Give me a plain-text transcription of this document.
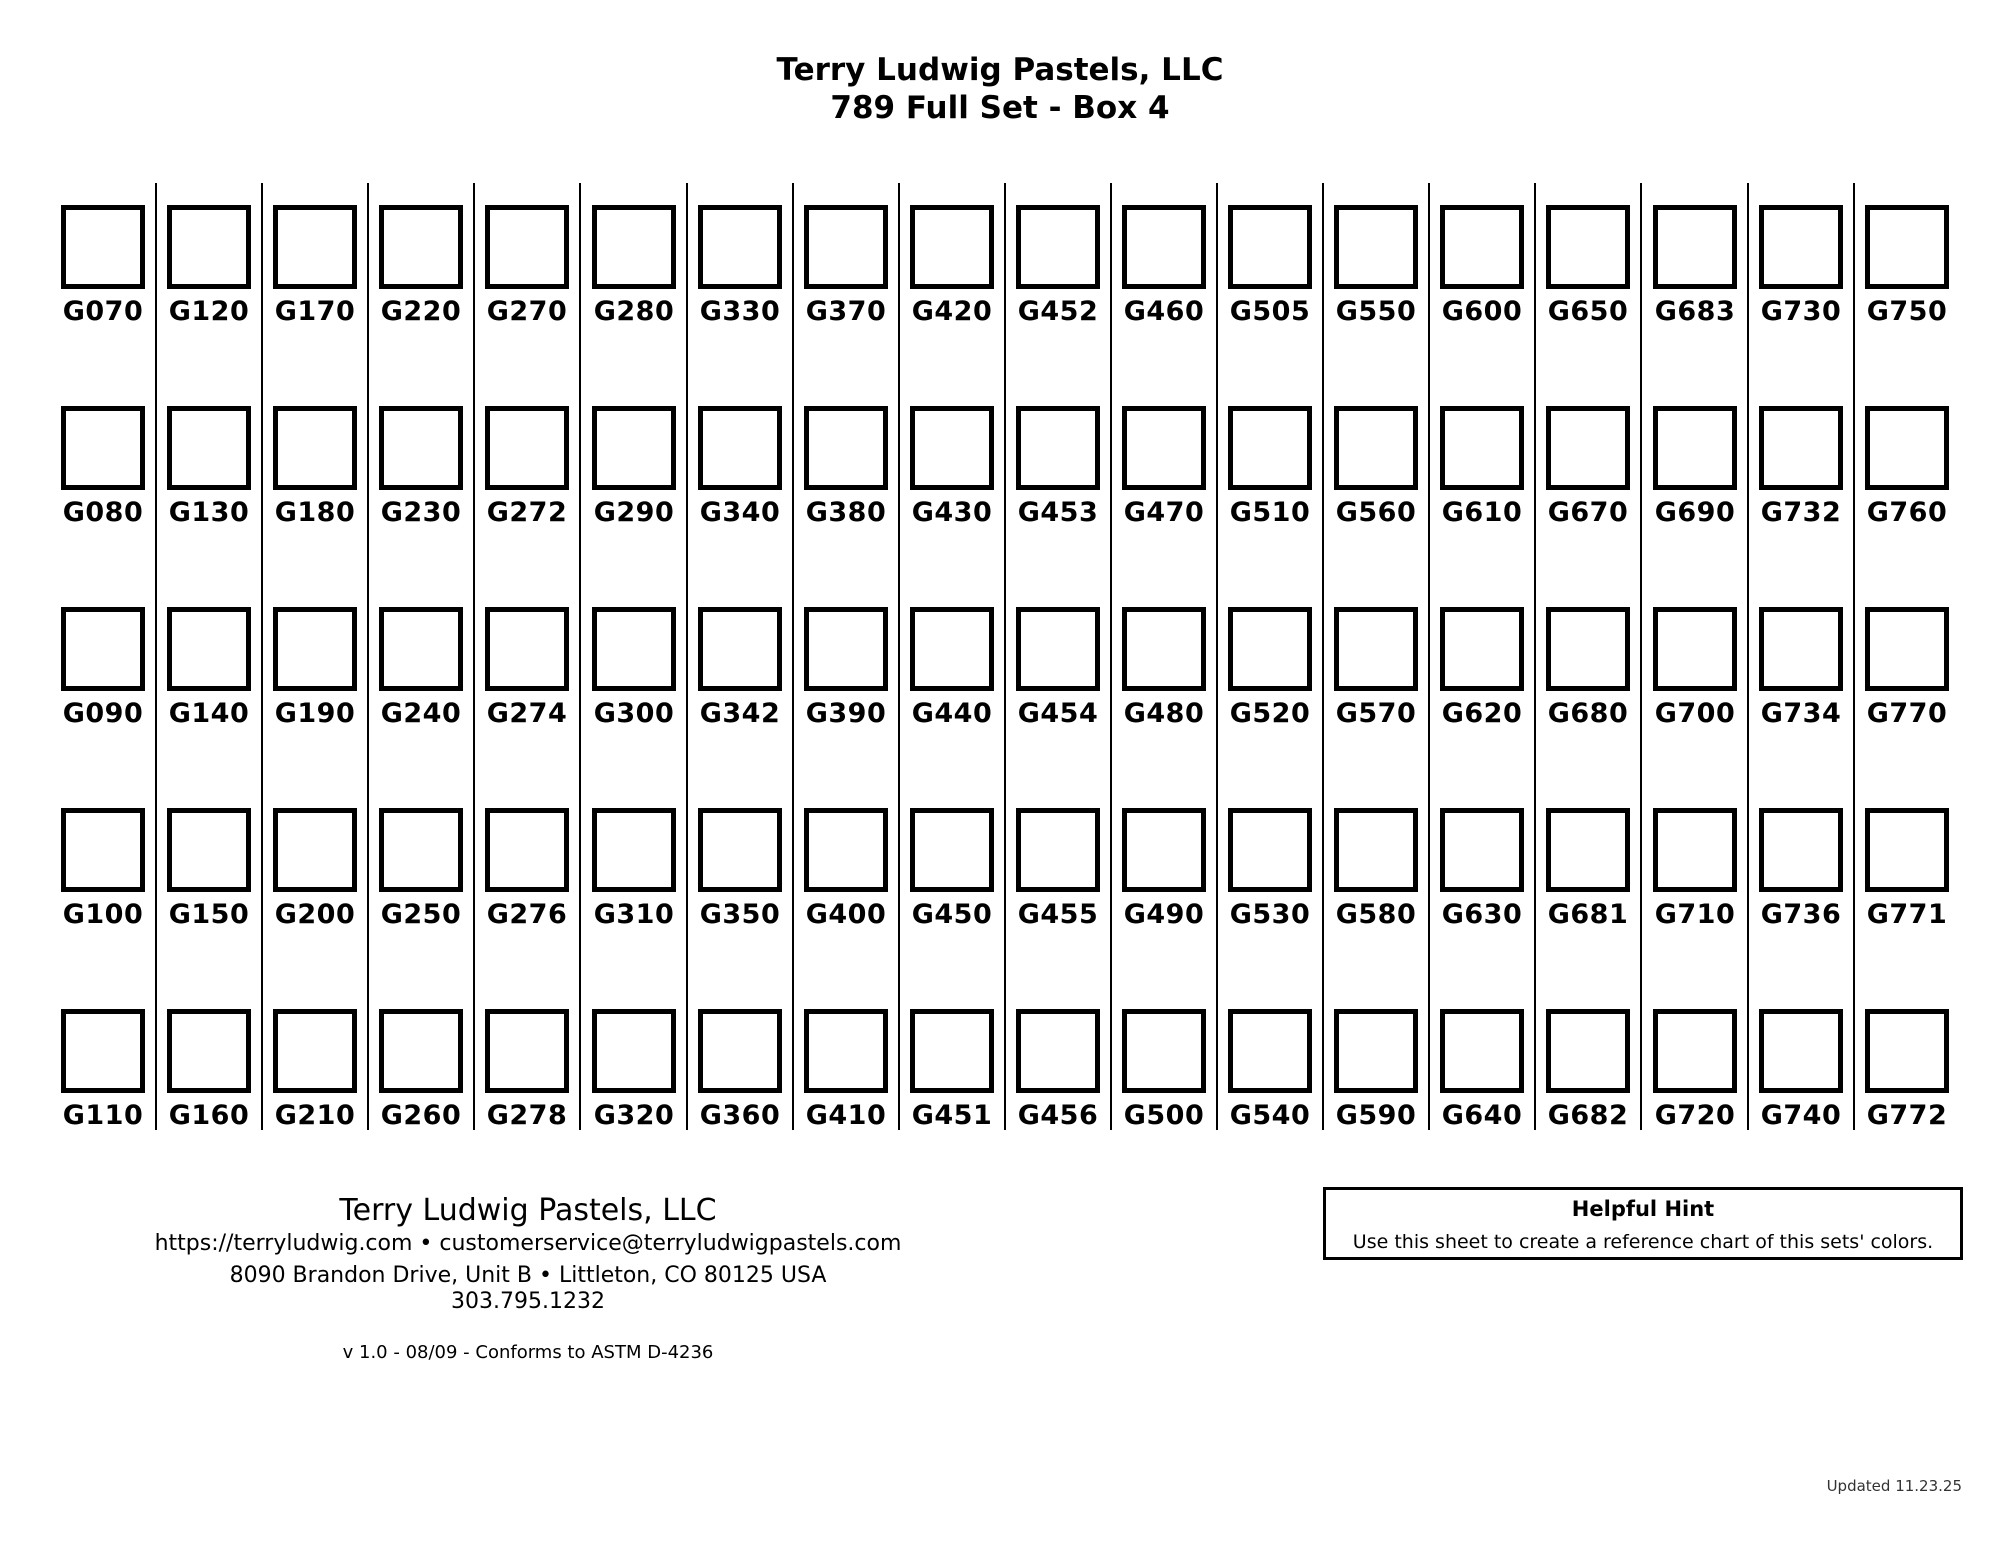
Terry Ludwig Pastels, LLC
789 Full Set - Box 4
G070 G120 G170 G220 G270 G280 G330 G370 G420 G452 G460 G505 G550 G600 G650 G683 G730 G750
G080 G130 G180 G230 G272 G290 G340 G380 G430 G453 G470 G510 G560 G610 G670 G690 G732 G760
G090 G140 G190 G240 G274 G300 G342 G390 G440 G454 G480 G520 G570 G620 G680 G700 G734 G770
G100 G150 G200 G250 G276 G310 G350 G400 G450 G455 G490 G530 G580 G630 G681 G710 G736 G771
G110 G160 G210 G260 G278 G320 G360 G410 G451 G456 G500 G540 G590 G640 G682 G720 G740 G772
Terry Ludwig Pastels, LLC
https://terryludwig.com • customerservice@terryludwigpastels.com
8090 Brandon Drive, Unit B • Littleton, CO 80125 USA
303.795.1232
v 1.0 - 08/09 - Conforms to ASTM D-4236
Helpful Hint
Use this sheet to create a reference chart of this sets' colors.
Updated 11.23.25
